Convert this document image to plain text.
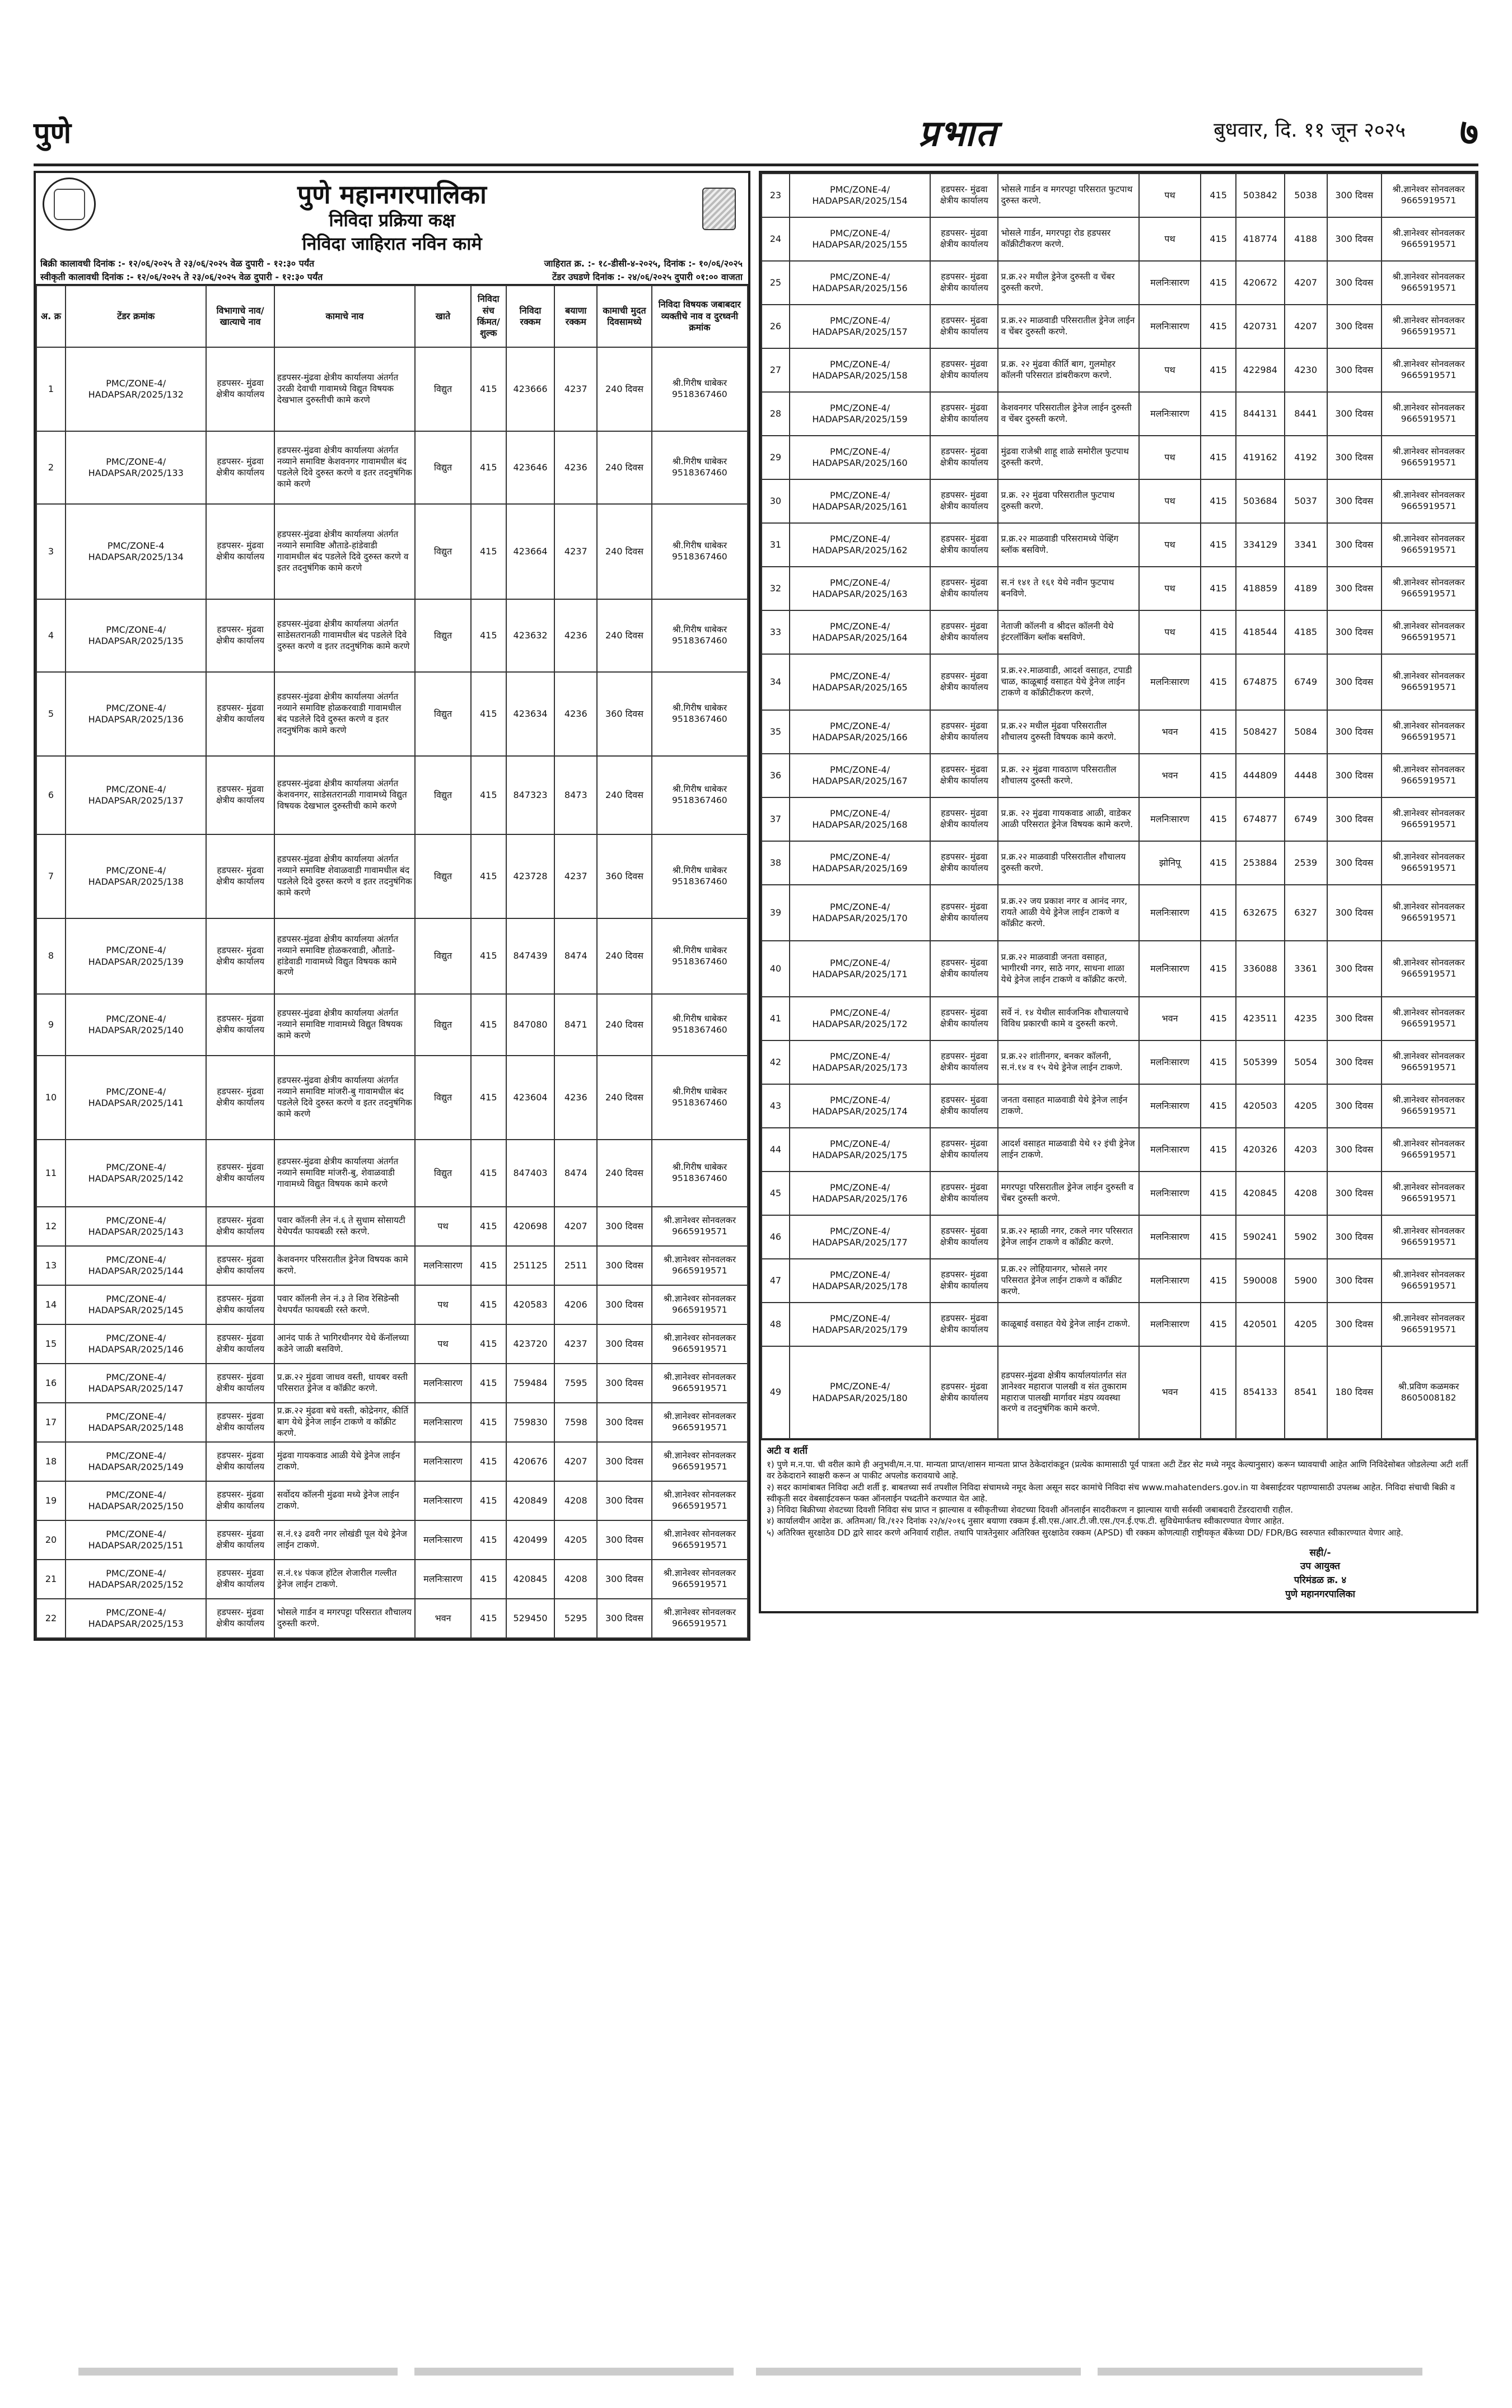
पुणे	प्रभात	बुधवार, दि. ११ जून २०२५ ७
पुणे महानगरपालिका
निविदा प्रक्रिया कक्ष
निविदा जाहिरात नविन कामे
बिक्री कालावधी दिनांक :- १२/०६/२०२५ ते २३/०६/२०२५ वेळ दुपारी - १२:३० पर्यंत
स्वीकृती कालावधी दिनांक :- १२/०६/२०२५ ते २३/०६/२०२५ वेळ दुपारी - १२:३० पर्यंत
जाहिरात क्र. :- १८-डीसी-४-२०२५, दिनांक :- १०/०६/२०२५
टेंडर उघडणे दिनांक :- २४/०६/२०२५ दुपारी ०१:०० वाजता
अ. क्र	टेंडर क्रमांक	विभागाचे नाव/ खात्याचे नाव	कामाचे नाव	खाते	निविदा संच किंमत/ शुल्क	निविदा रक्कम	बयाणा रक्कम	कामाची मुदत दिवसामध्ये	निविदा विषयक जबाबदार व्यक्तीचे नाव व दुरध्वनी क्रमांक
1	PMC/ZONE-4/ HADAPSAR/2025/132	हडपसर- मुंढवा क्षेत्रीय कार्यालय	हडपसर-मुंढवा क्षेत्रीय कार्यालया अंतर्गत उरळी देवाची गावामध्ये विद्युत विषयक देखभाल दुरुस्तीची कामे करणे	विद्युत	415	423666	4237	240 दिवस	श्री.गिरीष धाबेकर 9518367460
2	PMC/ZONE-4/ HADAPSAR/2025/133	हडपसर- मुंढवा क्षेत्रीय कार्यालय	हडपसर-मुंढवा क्षेत्रीय कार्यालया अंतर्गत नव्याने समाविष्ट केशवनगर गावामधील बंद पडलेले दिवे दुरुस्त करणे व इतर तदनुषंगिक कामे करणे	विद्युत	415	423646	4236	240 दिवस	श्री.गिरीष धाबेकर 9518367460
3	PMC/ZONE-4 HADAPSAR/2025/134	हडपसर- मुंढवा क्षेत्रीय कार्यालय	हडपसर-मुंढवा क्षेत्रीय कार्यालया अंतर्गत नव्याने समाविष्ट औताडे-हांडेवाडी गावामधील बंद पडलेले दिवे दुरुस्त करणे व इतर तदनुषंगिक कामे करणे	विद्युत	415	423664	4237	240 दिवस	श्री.गिरीष धाबेकर 9518367460
4	PMC/ZONE-4/ HADAPSAR/2025/135	हडपसर- मुंढवा क्षेत्रीय कार्यालय	हडपसर-मुंढवा क्षेत्रीय कार्यालया अंतर्गत साडेसतरानळी गावामधील बंद पडलेले दिवे दुरुस्त करणे व इतर तदनुषंगिक कामे करणे	विद्युत	415	423632	4236	240 दिवस	श्री.गिरीष धाबेकर 9518367460
5	PMC/ZONE-4/ HADAPSAR/2025/136	हडपसर- मुंढवा क्षेत्रीय कार्यालय	हडपसर-मुंढवा क्षेत्रीय कार्यालया अंतर्गत नव्याने समाविष्ट होळकरवाडी गावामधील बंद पडलेले दिवे दुरुस्त करणे व इतर तदनुषंगिक कामे करणे	विद्युत	415	423634	4236	360 दिवस	श्री.गिरीष धाबेकर 9518367460
6	PMC/ZONE-4/ HADAPSAR/2025/137	हडपसर- मुंढवा क्षेत्रीय कार्यालय	हडपसर-मुंढवा क्षेत्रीय कार्यालया अंतर्गत केशवनगर, साडेसतरानळी गावामध्ये विद्युत विषयक देखभाल दुरुस्तीची कामे करणे	विद्युत	415	847323	8473	240 दिवस	श्री.गिरीष धाबेकर 9518367460
7	PMC/ZONE-4/ HADAPSAR/2025/138	हडपसर- मुंढवा क्षेत्रीय कार्यालय	हडपसर-मुंढवा क्षेत्रीय कार्यालया अंतर्गत नव्याने समाविष्ट शेवाळवाडी गावामधील बंद पडलेले दिवे दुरुस्त करणे व इतर तदनुषंगिक कामे करणे	विद्युत	415	423728	4237	360 दिवस	श्री.गिरीष धाबेकर 9518367460
8	PMC/ZONE-4/ HADAPSAR/2025/139	हडपसर- मुंढवा क्षेत्रीय कार्यालय	हडपसर-मुंढवा क्षेत्रीय कार्यालया अंतर्गत नव्याने समाविष्ट होळकरवाडी, औताडे-हांडेवाडी गावामध्ये विद्युत विषयक कामे करणे	विद्युत	415	847439	8474	240 दिवस	श्री.गिरीष धाबेकर 9518367460
9	PMC/ZONE-4/ HADAPSAR/2025/140	हडपसर- मुंढवा क्षेत्रीय कार्यालय	हडपसर-मुंढवा क्षेत्रीय कार्यालया अंतर्गत नव्याने समाविष्ट गावामध्ये विद्युत विषयक कामे करणे	विद्युत	415	847080	8471	240 दिवस	श्री.गिरीष धाबेकर 9518367460
10	PMC/ZONE-4/ HADAPSAR/2025/141	हडपसर- मुंढवा क्षेत्रीय कार्यालय	हडपसर-मुंढवा क्षेत्रीय कार्यालया अंतर्गत नव्याने समाविष्ट मांजरी-बु गावामधील बंद पडलेले दिवे दुरुस्त करणे व इतर तदनुषंगिक कामे करणे	विद्युत	415	423604	4236	240 दिवस	श्री.गिरीष धाबेकर 9518367460
11	PMC/ZONE-4/ HADAPSAR/2025/142	हडपसर- मुंढवा क्षेत्रीय कार्यालय	हडपसर-मुंढवा क्षेत्रीय कार्यालया अंतर्गत नव्याने समाविष्ट मांजरी-बु, शेवाळवाडी गावामध्ये विद्युत विषयक कामे करणे	विद्युत	415	847403	8474	240 दिवस	श्री.गिरीष धाबेकर 9518367460
12	PMC/ZONE-4/ HADAPSAR/2025/143	हडपसर- मुंढवा क्षेत्रीय कार्यालय	पवार कॉलनी लेन नं.६ ते सुधाम सोसायटी येथेपर्यंत फायबळी रस्ते करणे.	पथ	415	420698	4207	300 दिवस	श्री.ज्ञानेश्वर सोनवलकर 9665919571
13	PMC/ZONE-4/ HADAPSAR/2025/144	हडपसर- मुंढवा क्षेत्रीय कार्यालय	केशवनगर परिसरातील ड्रेनेज विषयक कामे करणे.	मलनिःसारण	415	251125	2511	300 दिवस	श्री.ज्ञानेश्वर सोनवलकर 9665919571
14	PMC/ZONE-4/ HADAPSAR/2025/145	हडपसर- मुंढवा क्षेत्रीय कार्यालय	पवार कॉलनी लेन नं.३ ते शिव रेसिडेन्सी येथपर्यंत फायबळी रस्ते करणे.	पथ	415	420583	4206	300 दिवस	श्री.ज्ञानेश्वर सोनवलकर 9665919571
15	PMC/ZONE-4/ HADAPSAR/2025/146	हडपसर- मुंढवा क्षेत्रीय कार्यालय	आनंद पार्क ते भागिरथीनगर येथे कॅनॉलच्या कडेने जाळी बसविणे.	पथ	415	423720	4237	300 दिवस	श्री.ज्ञानेश्वर सोनवलकर 9665919571
16	PMC/ZONE-4/ HADAPSAR/2025/147	हडपसर- मुंढवा क्षेत्रीय कार्यालय	प्र.क्र.२२ मुंढवा जाधव वस्ती, धायबर वस्ती परिसरात ड्रेनेज व कॉक्रीट करणे.	मलनिःसारण	415	759484	7595	300 दिवस	श्री.ज्ञानेश्वर सोनवलकर 9665919571
17	PMC/ZONE-4/ HADAPSAR/2025/148	हडपसर- मुंढवा क्षेत्रीय कार्यालय	प्र.क्र.२२ मुंढवा बधे वस्ती, कोद्रेनगर, कीर्ति बाग येथे ड्रेनेज लाईन टाकणे व कॉक्रीट करणे.	मलनिःसारण	415	759830	7598	300 दिवस	श्री.ज्ञानेश्वर सोनवलकर 9665919571
18	PMC/ZONE-4/ HADAPSAR/2025/149	हडपसर- मुंढवा क्षेत्रीय कार्यालय	मुंढवा गायकवाड आळी येथे ड्रेनेज लाईन टाकणे.	मलनिःसारण	415	420676	4207	300 दिवस	श्री.ज्ञानेश्वर सोनवलकर 9665919571
19	PMC/ZONE-4/ HADAPSAR/2025/150	हडपसर- मुंढवा क्षेत्रीय कार्यालय	सर्वोदय कॉलनी मुंढवा मध्ये ड्रेनेज लाईन टाकणे.	मलनिःसारण	415	420849	4208	300 दिवस	श्री.ज्ञानेश्वर सोनवलकर 9665919571
20	PMC/ZONE-4/ HADAPSAR/2025/151	हडपसर- मुंढवा क्षेत्रीय कार्यालय	स.नं.१३ ढवरी नगर लोखंडी पूल येथे ड्रेनेज लाईन टाकणे.	मलनिःसारण	415	420499	4205	300 दिवस	श्री.ज्ञानेश्वर सोनवलकर 9665919571
21	PMC/ZONE-4/ HADAPSAR/2025/152	हडपसर- मुंढवा क्षेत्रीय कार्यालय	स.नं.१४ पंकज हॉटेल शेजारील गल्लीत ड्रेनेज लाईन टाकणे.	मलनिःसारण	415	420845	4208	300 दिवस	श्री.ज्ञानेश्वर सोनवलकर 9665919571
22	PMC/ZONE-4/ HADAPSAR/2025/153	हडपसर- मुंढवा क्षेत्रीय कार्यालय	भोसले गार्डन व मगरपट्टा परिसरात शौचालय दुरुस्ती करणे.	भवन	415	529450	5295	300 दिवस	श्री.ज्ञानेश्वर सोनवलकर 9665919571
23	PMC/ZONE-4/ HADAPSAR/2025/154	हडपसर- मुंढवा क्षेत्रीय कार्यालय	भोसले गार्डन व मगरपट्टा परिसरात फुटपाथ दुरुस्त करणे.	पथ	415	503842	5038	300 दिवस	श्री.ज्ञानेश्वर सोनवलकर 9665919571
24	PMC/ZONE-4/ HADAPSAR/2025/155	हडपसर- मुंढवा क्षेत्रीय कार्यालय	भोसले गार्डन, मगरपट्टा रोड हडपसर कॉक्रीटीकरण करणे.	पथ	415	418774	4188	300 दिवस	श्री.ज्ञानेश्वर सोनवलकर 9665919571
25	PMC/ZONE-4/ HADAPSAR/2025/156	हडपसर- मुंढवा क्षेत्रीय कार्यालय	प्र.क्र.२२ मधील ड्रेनेज दुरुस्ती व चेंबर दुरुस्ती करणे.	मलनिःसारण	415	420672	4207	300 दिवस	श्री.ज्ञानेश्वर सोनवलकर 9665919571
26	PMC/ZONE-4/ HADAPSAR/2025/157	हडपसर- मुंढवा क्षेत्रीय कार्यालय	प्र.क्र.२२ माळवाडी परिसरातील ड्रेनेज लाईन व चेंबर दुरुस्ती करणे.	मलनिःसारण	415	420731	4207	300 दिवस	श्री.ज्ञानेश्वर सोनवलकर 9665919571
27	PMC/ZONE-4/ HADAPSAR/2025/158	हडपसर- मुंढवा क्षेत्रीय कार्यालय	प्र.क्र. २२ मुंढवा कीर्ति बाग, गुलमोहर कॉलनी परिसरात डांबरीकरण करणे.	पथ	415	422984	4230	300 दिवस	श्री.ज्ञानेश्वर सोनवलकर 9665919571
28	PMC/ZONE-4/ HADAPSAR/2025/159	हडपसर- मुंढवा क्षेत्रीय कार्यालय	केशवनगर परिसरातील ड्रेनेज लाईन दुरुस्ती व चेंबर दुरुस्ती करणे.	मलनिःसारण	415	844131	8441	300 दिवस	श्री.ज्ञानेश्वर सोनवलकर 9665919571
29	PMC/ZONE-4/ HADAPSAR/2025/160	हडपसर- मुंढवा क्षेत्रीय कार्यालय	मुंढवा राजेश्री शाहू शाळे समोरील फुटपाथ दुरुस्ती करणे.	पथ	415	419162	4192	300 दिवस	श्री.ज्ञानेश्वर सोनवलकर 9665919571
30	PMC/ZONE-4/ HADAPSAR/2025/161	हडपसर- मुंढवा क्षेत्रीय कार्यालय	प्र.क्र. २२ मुंढवा परिसरातील फुटपाथ दुरुस्ती करणे.	पथ	415	503684	5037	300 दिवस	श्री.ज्ञानेश्वर सोनवलकर 9665919571
31	PMC/ZONE-4/ HADAPSAR/2025/162	हडपसर- मुंढवा क्षेत्रीय कार्यालय	प्र.क्र.२२ माळवाडी परिसरामध्ये पेव्हिंग ब्लॉक बसविणे.	पथ	415	334129	3341	300 दिवस	श्री.ज्ञानेश्वर सोनवलकर 9665919571
32	PMC/ZONE-4/ HADAPSAR/2025/163	हडपसर- मुंढवा क्षेत्रीय कार्यालय	स.नं १४१ ते १६१ येथे नवीन फुटपाथ बनविणे.	पथ	415	418859	4189	300 दिवस	श्री.ज्ञानेश्वर सोनवलकर 9665919571
33	PMC/ZONE-4/ HADAPSAR/2025/164	हडपसर- मुंढवा क्षेत्रीय कार्यालय	नेताजी कॉलनी व श्रीदत्त कॉलनी येथे इंटरलॉकिंग ब्लॉक बसविणे.	पथ	415	418544	4185	300 दिवस	श्री.ज्ञानेश्वर सोनवलकर 9665919571
34	PMC/ZONE-4/ HADAPSAR/2025/165	हडपसर- मुंढवा क्षेत्रीय कार्यालय	प्र.क्र.२२.माळवाडी, आदर्श वसाहत, टपाडी चाळ, काळूबाई वसाहत येथे ड्रेनेज लाईन टाकणे व कॉक्रीटीकरण करणे.	मलनिःसारण	415	674875	6749	300 दिवस	श्री.ज्ञानेश्वर सोनवलकर 9665919571
35	PMC/ZONE-4/ HADAPSAR/2025/166	हडपसर- मुंढवा क्षेत्रीय कार्यालय	प्र.क्र.२२ मधील मुंढवा परिसरातील शौचालय दुरुस्ती विषयक कामे करणे.	भवन	415	508427	5084	300 दिवस	श्री.ज्ञानेश्वर सोनवलकर 9665919571
36	PMC/ZONE-4/ HADAPSAR/2025/167	हडपसर- मुंढवा क्षेत्रीय कार्यालय	प्र.क्र. २२ मुंढवा गावठाण परिसरातील शौचालय दुरुस्ती करणे.	भवन	415	444809	4448	300 दिवस	श्री.ज्ञानेश्वर सोनवलकर 9665919571
37	PMC/ZONE-4/ HADAPSAR/2025/168	हडपसर- मुंढवा क्षेत्रीय कार्यालय	प्र.क्र. २२ मुंढवा गायकवाड आळी, वाडेकर आळी परिसरात ड्रेनेज विषयक कामे करणे.	मलनिःसारण	415	674877	6749	300 दिवस	श्री.ज्ञानेश्वर सोनवलकर 9665919571
38	PMC/ZONE-4/ HADAPSAR/2025/169	हडपसर- मुंढवा क्षेत्रीय कार्यालय	प्र.क्र.२२ माळवाडी परिसरातील शौचालय दुरुस्ती करणे.	झोनिपू	415	253884	2539	300 दिवस	श्री.ज्ञानेश्वर सोनवलकर 9665919571
39	PMC/ZONE-4/ HADAPSAR/2025/170	हडपसर- मुंढवा क्षेत्रीय कार्यालय	प्र.क्र.२२ जय प्रकाश नगर व आनंद नगर, रायते आळी येथे ड्रेनेज लाईन टाकणे व कॉक्रीट करणे.	मलनिःसारण	415	632675	6327	300 दिवस	श्री.ज्ञानेश्वर सोनवलकर 9665919571
40	PMC/ZONE-4/ HADAPSAR/2025/171	हडपसर- मुंढवा क्षेत्रीय कार्यालय	प्र.क्र.२२ माळवाडी जनता वसाहत, भागीरथी नगर, साठे नगर, साधना शाळा येथे ड्रेनेज लाईन टाकणे व कॉक्रीट करणे.	मलनिःसारण	415	336088	3361	300 दिवस	श्री.ज्ञानेश्वर सोनवलकर 9665919571
41	PMC/ZONE-4/ HADAPSAR/2025/172	हडपसर- मुंढवा क्षेत्रीय कार्यालय	सर्वे नं. १४ येथील सार्वजनिक शौचालयाचे विविध प्रकारची कामे व दुरुस्ती करणे.	भवन	415	423511	4235	300 दिवस	श्री.ज्ञानेश्वर सोनवलकर 9665919571
42	PMC/ZONE-4/ HADAPSAR/2025/173	हडपसर- मुंढवा क्षेत्रीय कार्यालय	प्र.क्र.२२ शांतीनगर, बनकर कॉलनी, स.नं.१४ व १५ येथे ड्रेनेज लाईन टाकणे.	मलनिःसारण	415	505399	5054	300 दिवस	श्री.ज्ञानेश्वर सोनवलकर 9665919571
43	PMC/ZONE-4/ HADAPSAR/2025/174	हडपसर- मुंढवा क्षेत्रीय कार्यालय	जनता वसाहत माळवाडी येथे ड्रेनेज लाईन टाकणे.	मलनिःसारण	415	420503	4205	300 दिवस	श्री.ज्ञानेश्वर सोनवलकर 9665919571
44	PMC/ZONE-4/ HADAPSAR/2025/175	हडपसर- मुंढवा क्षेत्रीय कार्यालय	आदर्श वसाहत माळवाडी येथे १२ इंची ड्रेनेज लाईन टाकणे.	मलनिःसारण	415	420326	4203	300 दिवस	श्री.ज्ञानेश्वर सोनवलकर 9665919571
45	PMC/ZONE-4/ HADAPSAR/2025/176	हडपसर- मुंढवा क्षेत्रीय कार्यालय	मगरपट्टा परिसरातील ड्रेनेज लाईन दुरुस्ती व चेंबर दुरुस्ती करणे.	मलनिःसारण	415	420845	4208	300 दिवस	श्री.ज्ञानेश्वर सोनवलकर 9665919571
46	PMC/ZONE-4/ HADAPSAR/2025/177	हडपसर- मुंढवा क्षेत्रीय कार्यालय	प्र.क्र.२२ म्हाळी नगर, टकले नगर परिसरात ड्रेनेज लाईन टाकणे व कॉक्रीट करणे.	मलनिःसारण	415	590241	5902	300 दिवस	श्री.ज्ञानेश्वर सोनवलकर 9665919571
47	PMC/ZONE-4/ HADAPSAR/2025/178	हडपसर- मुंढवा क्षेत्रीय कार्यालय	प्र.क्र.२२ लोहियानगर, भोसले नगर परिसरात ड्रेनेज लाईन टाकणे व कॉक्रीट करणे.	मलनिःसारण	415	590008	5900	300 दिवस	श्री.ज्ञानेश्वर सोनवलकर 9665919571
48	PMC/ZONE-4/ HADAPSAR/2025/179	हडपसर- मुंढवा क्षेत्रीय कार्यालय	काळूबाई वसाहत येथे ड्रेनेज लाईन टाकणे.	मलनिःसारण	415	420501	4205	300 दिवस	श्री.ज्ञानेश्वर सोनवलकर 9665919571
49	PMC/ZONE-4/ HADAPSAR/2025/180	हडपसर- मुंढवा क्षेत्रीय कार्यालय	हडपसर-मुंढवा क्षेत्रीय कार्यालयांतर्गत संत ज्ञानेश्वर महाराज पालखी व संत तुकाराम महाराज पालखी मार्गावर मंडप व्यवस्था करणे व तदनुषंगिक कामे करणे.	भवन	415	854133	8541	180 दिवस	श्री.प्रविण कळमकर 8605008182
अटी व शर्ती

१) पुणे म.न.पा. ची वरील कामे ही अनुभवी/म.न.पा. मान्यता प्राप्त/शासन मान्यता प्राप्त ठेकेदारांकडून (प्रत्येक कामासाठी पूर्व पात्रता अटी टेंडर सेट मध्ये नमूद केल्यानुसार) करून घ्यावयाची आहेत आणि निविदेसोबत जोडलेल्या अटी शर्ती वर ठेकेदाराने स्वाक्षरी करून अ पाकीट अपलोड करावयाचे आहे.

२) सदर कामांबाबत निविदा अटी शर्ती इ. बाबतच्या सर्व तपशील निविदा संचामध्ये नमूद केला असून सदर कामांचे निविदा संच www.mahatenders.gov.in या वेबसाईटवर पहाण्यासाठी उपलब्ध आहेत. निविदा संचाची बिक्री व स्वीकृती सदर वेबसाईटवरून फक्त ऑनलाईन पध्दतीने करण्यात येत आहे.

३) निविदा बिक्रीच्या शेवटच्या दिवशी निविदा संच प्राप्त न झाल्यास व स्वीकृतीच्या शेवटच्या दिवशी ऑनलाईन सादरीकरण न झाल्यास याची सर्वस्वी जबाबदारी टेंडरदाराची राहील.

४) कार्यालयीन आदेश क्र. अतिमआ/ वि./१२२ दिनांक २२/४/२०१६ नुसार बयाणा रक्कम ई.सी.एस./आर.टी.जी.एस./एन.ई.एफ.टी. सुविधेमार्फतच स्वीकारण्यात येणार आहेत.

५) अतिरिक्त सुरक्षाठेव DD द्वारे सादर करणे अनिवार्य राहील. तथापि पात्रतेनुसार अतिरिक्त सुरक्षाठेव रक्कम (APSD) ची रक्कम कोणत्याही राष्ट्रीयकृत बँकेच्या DD/ FDR/BG स्वरुपात स्वीकारण्यात येणार आहे.

सही/-
उप आयुक्त
परिमंडळ क्र. ४
पुणे महानगरपालिका
